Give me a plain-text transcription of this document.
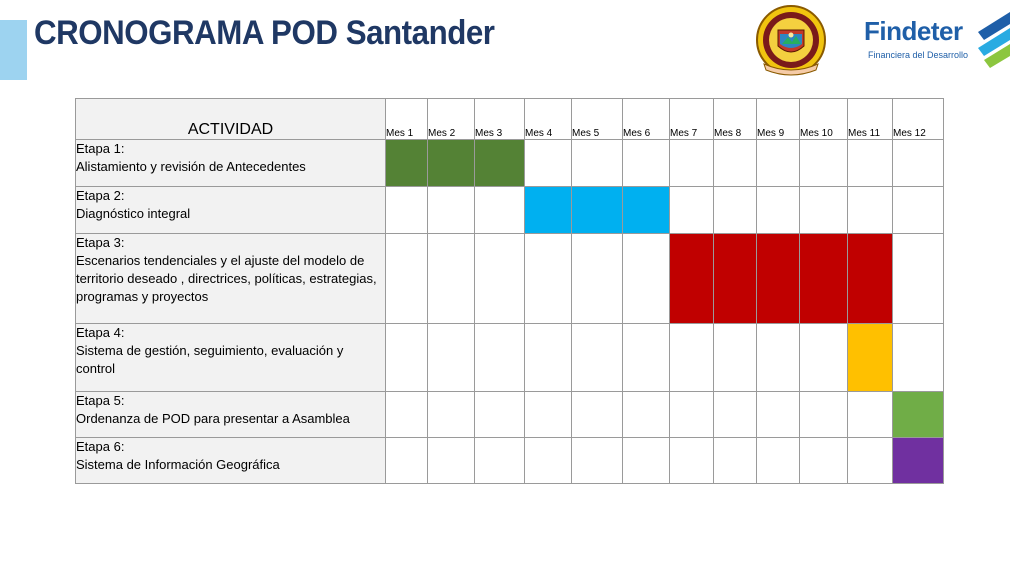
CRONOGRAMA POD Santander	Findeter
Financiera del Desarrollo
ACTIVIDAD	Mes 1	Mes 2	Mes 3	Mes 4	Mes 5	Mes 6	Mes 7	Mes 8	Mes 9	Mes 10	Mes 11	Mes 12

Etapa 1:
Alistamiento y revisión de Antecedentes												

Etapa 2:
Diagnóstico integral												

Etapa 3:
Escenarios tendenciales y el ajuste del modelo de territorio deseado , directrices, políticas, estrategias, programas y proyectos												

Etapa 4:
Sistema de gestión, seguimiento, evaluación y control												

Etapa 5:
Ordenanza de POD para presentar a Asamblea												

Etapa 6:
Sistema de Información Geográfica												
